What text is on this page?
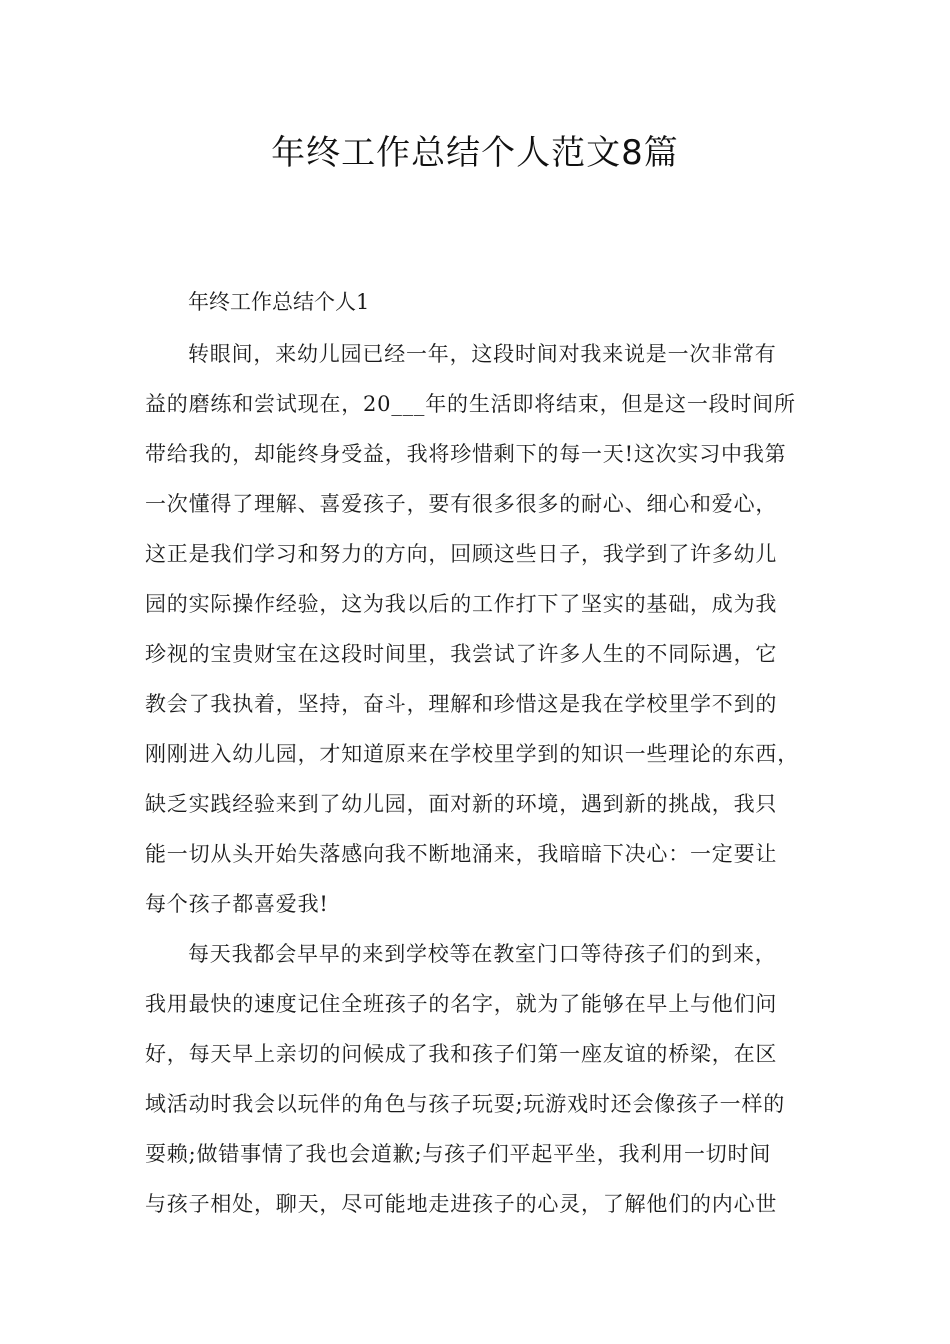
年终工作总结个人范文8篇
年终工作总结个人1
转眼间，来幼儿园已经一年，这段时间对我来说是一次非常有
益的磨练和尝试现在，20___年的生活即将结束，但是这一段时间所
带给我的，却能终身受益，我将珍惜剩下的每一天!这次实习中我第
一次懂得了理解、喜爱孩子，要有很多很多的耐心、细心和爱心，
这正是我们学习和努力的方向，回顾这些日子，我学到了许多幼儿
园的实际操作经验，这为我以后的工作打下了坚实的基础，成为我
珍视的宝贵财宝在这段时间里，我尝试了许多人生的不同际遇，它
教会了我执着，坚持，奋斗，理解和珍惜这是我在学校里学不到的
刚刚进入幼儿园，才知道原来在学校里学到的知识一些理论的东西，
缺乏实践经验来到了幼儿园，面对新的环境，遇到新的挑战，我只
能一切从头开始失落感向我不断地涌来，我暗暗下决心：一定要让
每个孩子都喜爱我!
每天我都会早早的来到学校等在教室门口等待孩子们的到来，
我用最快的速度记住全班孩子的名字，就为了能够在早上与他们问
好，每天早上亲切的问候成了我和孩子们第一座友谊的桥梁，在区
域活动时我会以玩伴的角色与孩子玩耍;玩游戏时还会像孩子一样的
耍赖;做错事情了我也会道歉;与孩子们平起平坐，我利用一切时间
与孩子相处，聊天，尽可能地走进孩子的心灵，了解他们的内心世
